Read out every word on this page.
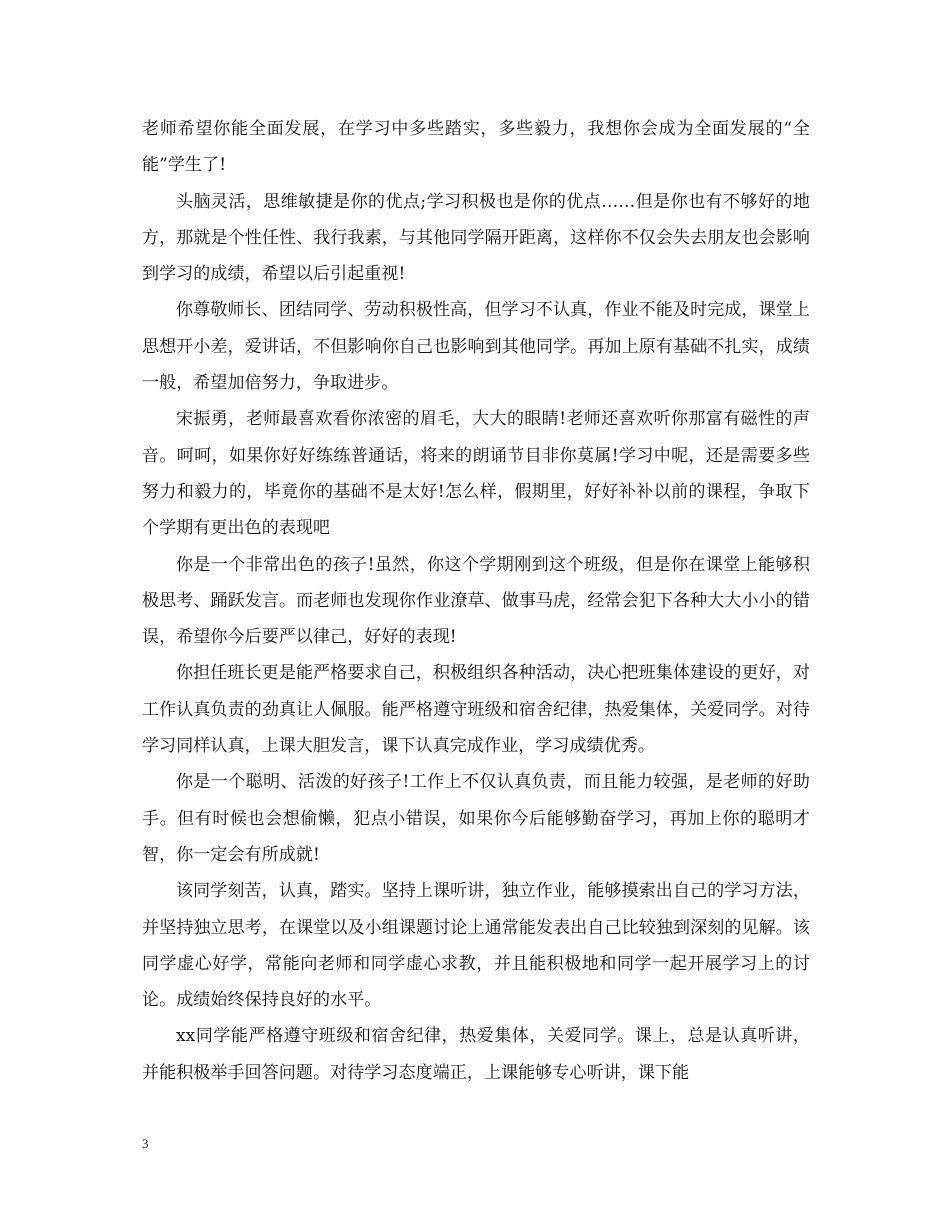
老师希望你能全面发展，在学习中多些踏实，多些毅力，我想你会成为全面发展的“全能”学生了!

头脑灵活，思维敏捷是你的优点;学习积极也是你的优点……但是你也有不够好的地方，那就是个性任性、我行我素，与其他同学隔开距离，这样你不仅会失去朋友也会影响到学习的成绩，希望以后引起重视!

你尊敬师长、团结同学、劳动积极性高，但学习不认真，作业不能及时完成，课堂上思想开小差，爱讲话，不但影响你自己也影响到其他同学。再加上原有基础不扎实，成绩一般，希望加倍努力，争取进步。

宋振勇，老师最喜欢看你浓密的眉毛，大大的眼睛!老师还喜欢听你那富有磁性的声音。呵呵，如果你好好练练普通话，将来的朗诵节目非你莫属!学习中呢，还是需要多些努力和毅力的，毕竟你的基础不是太好!怎么样，假期里，好好补补以前的课程，争取下个学期有更出色的表现吧

你是一个非常出色的孩子!虽然，你这个学期刚到这个班级，但是你在课堂上能够积极思考、踊跃发言。而老师也发现你作业潦草、做事马虎，经常会犯下各种大大小小的错误，希望你今后要严以律己，好好的表现!

你担任班长更是能严格要求自己，积极组织各种活动，决心把班集体建设的更好，对工作认真负责的劲真让人佩服。能严格遵守班级和宿舍纪律，热爱集体，关爱同学。对待学习同样认真，上课大胆发言，课下认真完成作业，学习成绩优秀。

你是一个聪明、活泼的好孩子!工作上不仅认真负责，而且能力较强，是老师的好助手。但有时候也会想偷懒，犯点小错误，如果你今后能够勤奋学习，再加上你的聪明才智，你一定会有所成就!

该同学刻苦，认真，踏实。坚持上课听讲，独立作业，能够摸索出自己的学习方法，并坚持独立思考，在课堂以及小组课题讨论上通常能发表出自己比较独到深刻的见解。该同学虚心好学，常能向老师和同学虚心求教，并且能积极地和同学一起开展学习上的讨论。成绩始终保持良好的水平。

xx同学能严格遵守班级和宿舍纪律，热爱集体，关爱同学。课上，总是认真听讲，并能积极举手回答问题。对待学习态度端正，上课能够专心听讲，课下能

3
